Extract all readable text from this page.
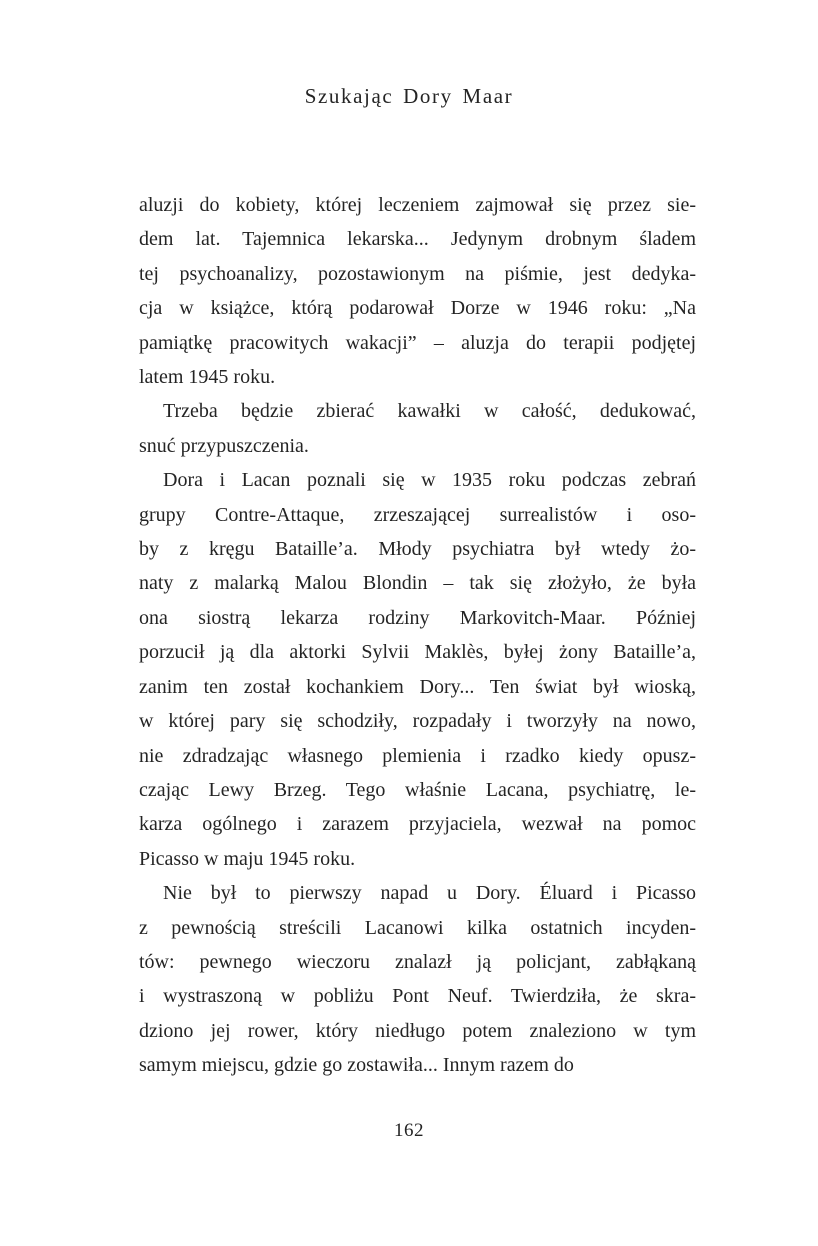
Szukając Dory Maar
aluzji do kobiety, której leczeniem zajmował się przez sie-
dem lat. Tajemnica lekarska... Jedynym drobnym śladem
tej psychoanalizy, pozostawionym na piśmie, jest dedyka-
cja w książce, którą podarował Dorze w 1946 roku: „Na
pamiątkę pracowitych wakacji” – aluzja do terapii podjętej
latem 1945 roku.
Trzeba będzie zbierać kawałki w całość, dedukować,
snuć przypuszczenia.
Dora i Lacan poznali się w 1935 roku podczas zebrań
grupy Contre-Attaque, zrzeszającej surrealistów i oso-
by z kręgu Bataille’a. Młody psychiatra był wtedy żo-
naty z malarką Malou Blondin – tak się złożyło, że była
ona siostrą lekarza rodziny Markovitch-Maar. Później
porzucił ją dla aktorki Sylvii Maklès, byłej żony Bataille’a,
zanim ten został kochankiem Dory... Ten świat był wioską,
w której pary się schodziły, rozpadały i tworzyły na nowo,
nie zdradzając własnego plemienia i rzadko kiedy opusz-
czając Lewy Brzeg. Tego właśnie Lacana, psychiatrę, le-
karza ogólnego i zarazem przyjaciela, wezwał na pomoc
Picasso w maju 1945 roku.
Nie był to pierwszy napad u Dory. Éluard i Picasso
z pewnością streścili Lacanowi kilka ostatnich incyden-
tów: pewnego wieczoru znalazł ją policjant, zabłąkaną
i wystraszoną w pobliżu Pont Neuf. Twierdziła, że skra-
dziono jej rower, który niedługo potem znaleziono w tym
samym miejscu, gdzie go zostawiła... Innym razem do
162
